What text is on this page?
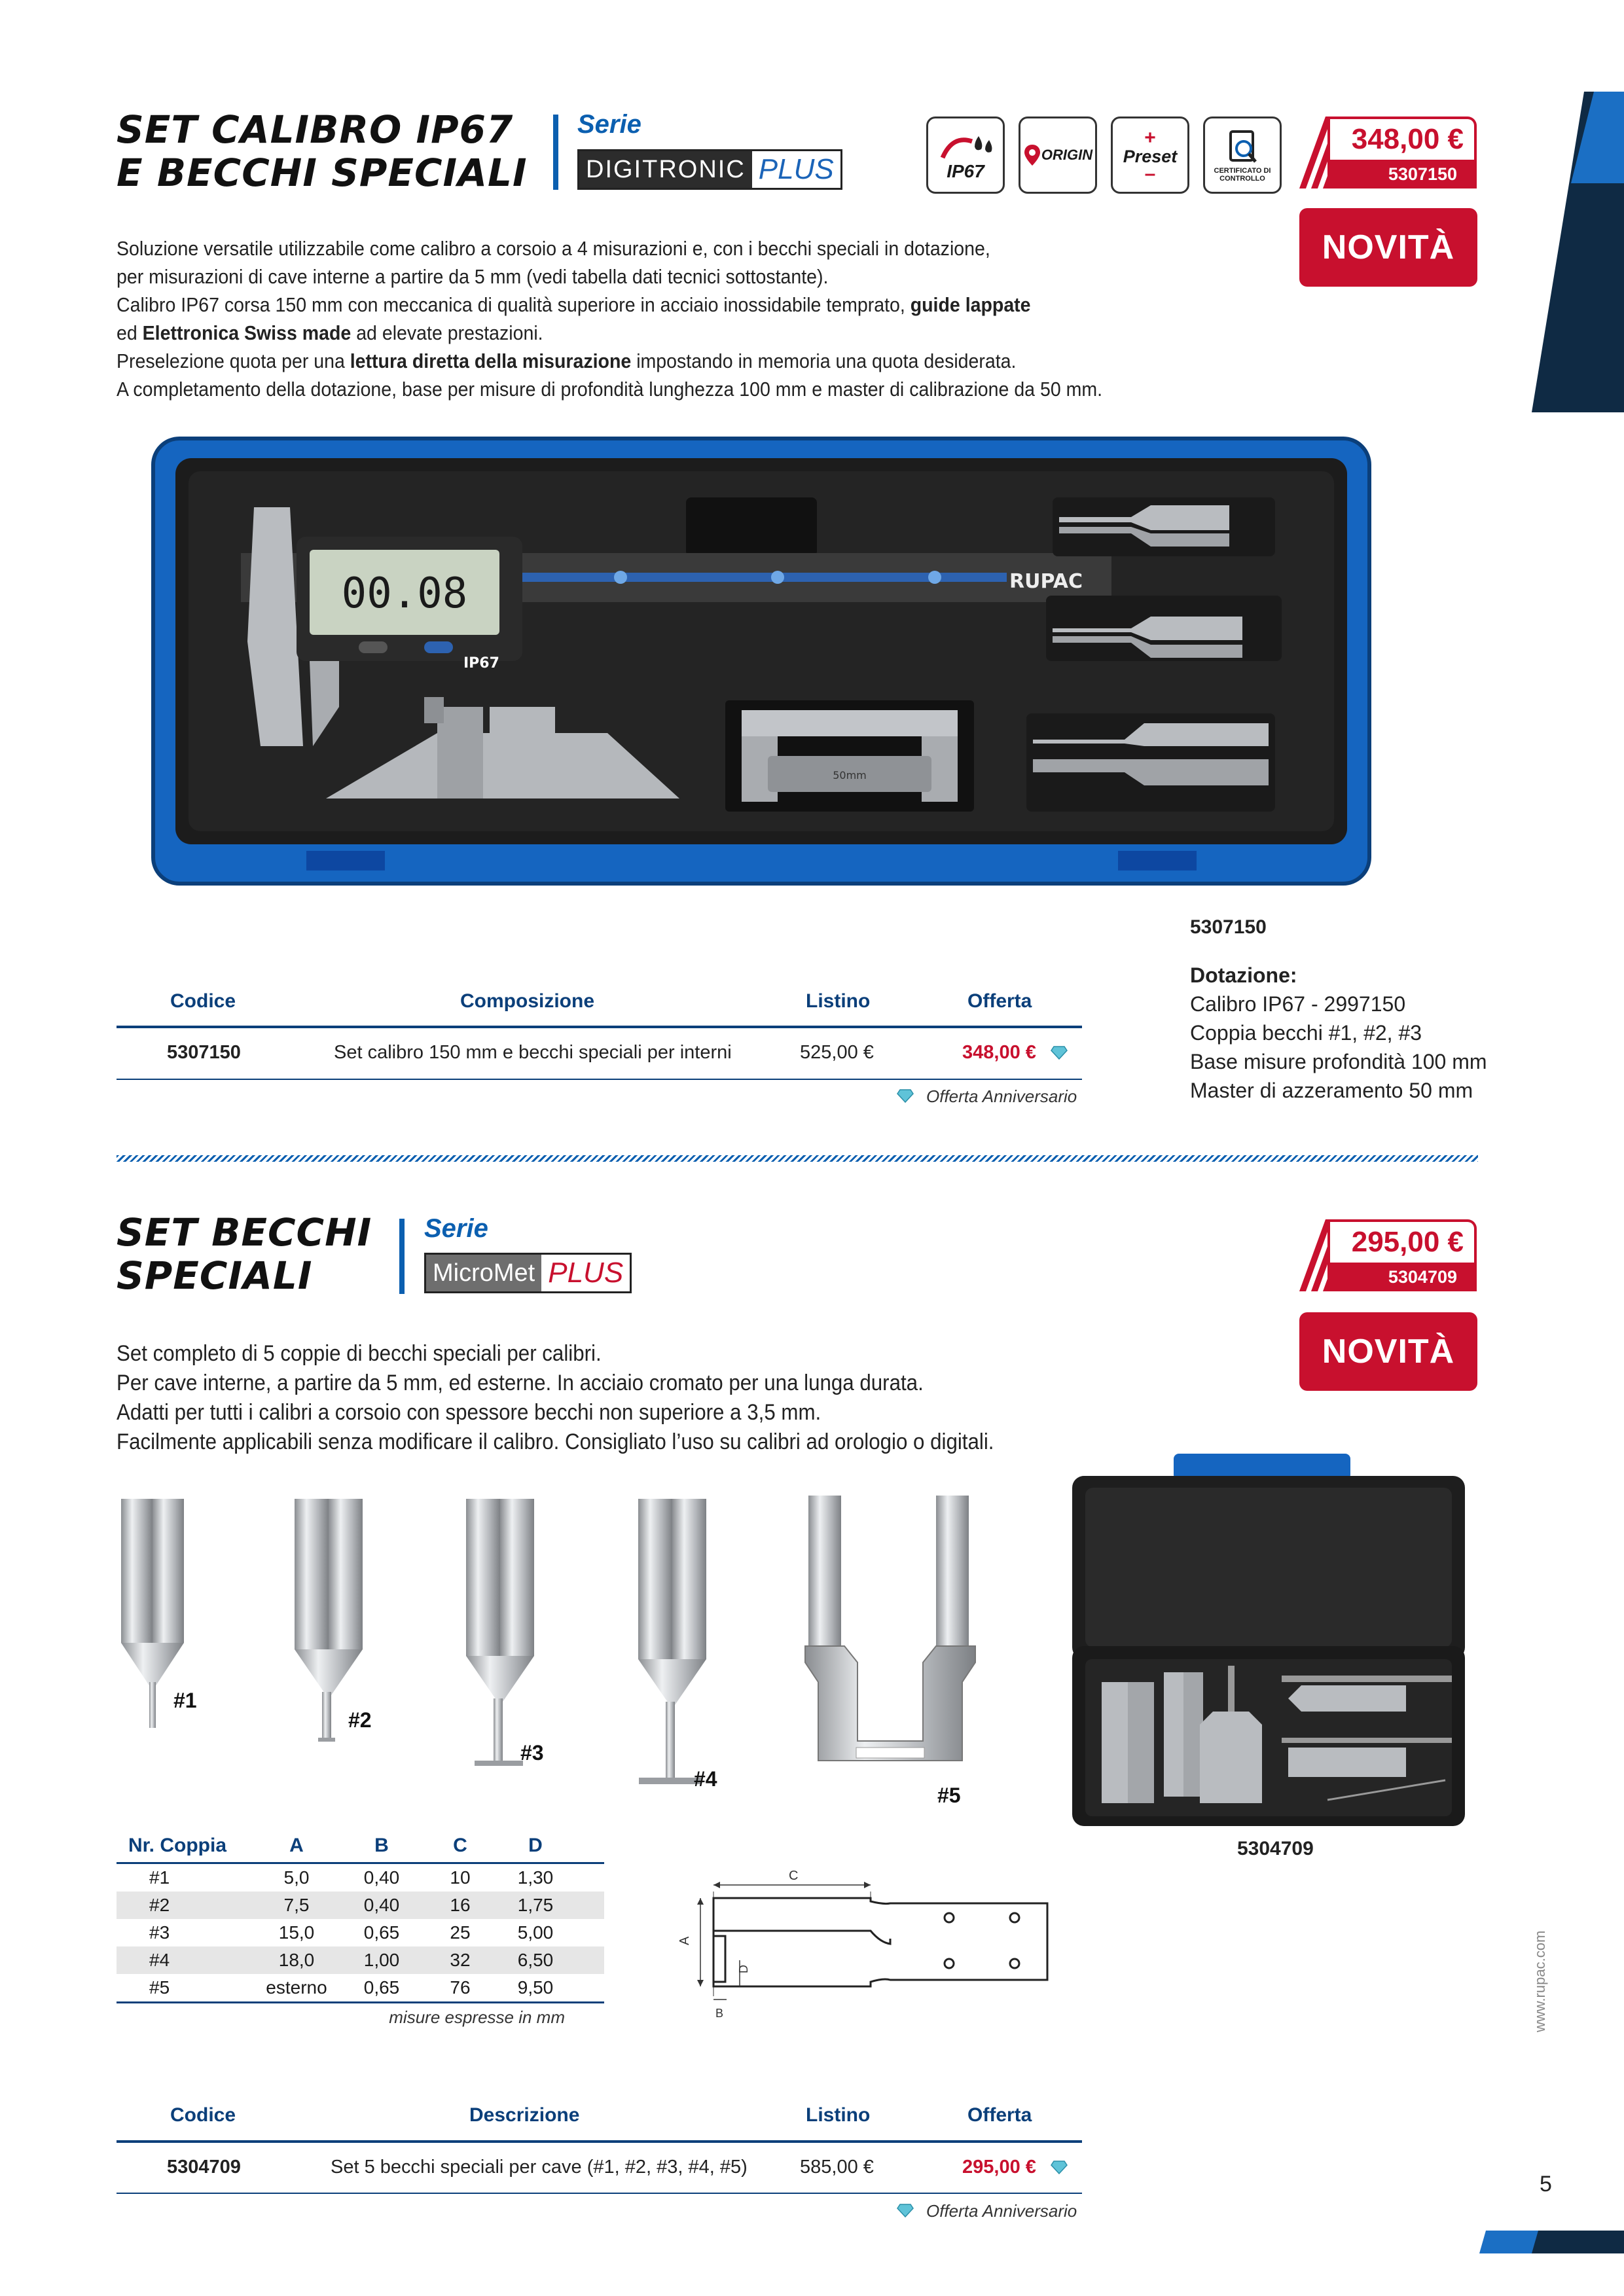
SET CALIBRO IP67
E BECCHI SPECIALI
Serie
DIGITRONIC PLUS	IP67
ORIGIN
+
Preset
–	CERTIFICATO DI CONTROLLO
348,00 €
5307150
NOVITÀ
Soluzione versatile utilizzabile come calibro a corsoio a 4 misurazioni e, con i becchi speciali in dotazione,
per misurazioni di cave interne a partire da 5 mm (vedi tabella dati tecnici sottostante).
Calibro IP67 corsa 150 mm con meccanica di qualità superiore in acciaio inossidabile temprato, guide lappate
ed Elettronica Swiss made ad elevate prestazioni.
Preselezione quota per una lettura diretta della misurazione impostando in memoria una quota desiderata.
A completamento della dotazione, base per misure di profondità lunghezza 100 mm e master di calibrazione da 50 mm.
00.08
IP67
RUPAC
50mm
5307150
Dotazione:
Calibro IP67 - 2997150
Coppia becchi #1, #2, #3
Base misure profondità 100 mm
Master di azzeramento 50 mm
Codice	Composizione	Listino	Offerta
5307150	Set calibro 150 mm e becchi speciali per interni	525,00 €	348,00 €
Offerta Anniversario
SET BECCHI
SPECIALI
Serie
MicroMet PLUS
295,00 €
5304709
NOVITÀ
Set completo di 5 coppie di becchi speciali per calibri.
Per cave interne, a partire da 5 mm, ed esterne. In acciaio cromato per una lunga durata.
Adatti per tutti i calibri a corsoio con spessore becchi non superiore a 3,5 mm.
Facilmente applicabili senza modificare il calibro. Consigliato l’uso su calibri ad orologio o digitali.
#1
#2
#3
#4
#5
5304709
Nr. Coppia	A	B	C	D
#1	5,0	0,40	10	1,30
#2	7,5	0,40	16	1,75
#3	15,0	0,65	25	5,00
#4	18,0	1,00	32	6,50
#5	esterno	0,65	76	9,50
misure espresse in mm
C
A
D
B
Codice	Descrizione	Listino	Offerta
5304709	Set 5 becchi speciali per cave (#1, #2, #3, #4, #5)	585,00 €	295,00 €
Offerta Anniversario
www.rupac.com
5
